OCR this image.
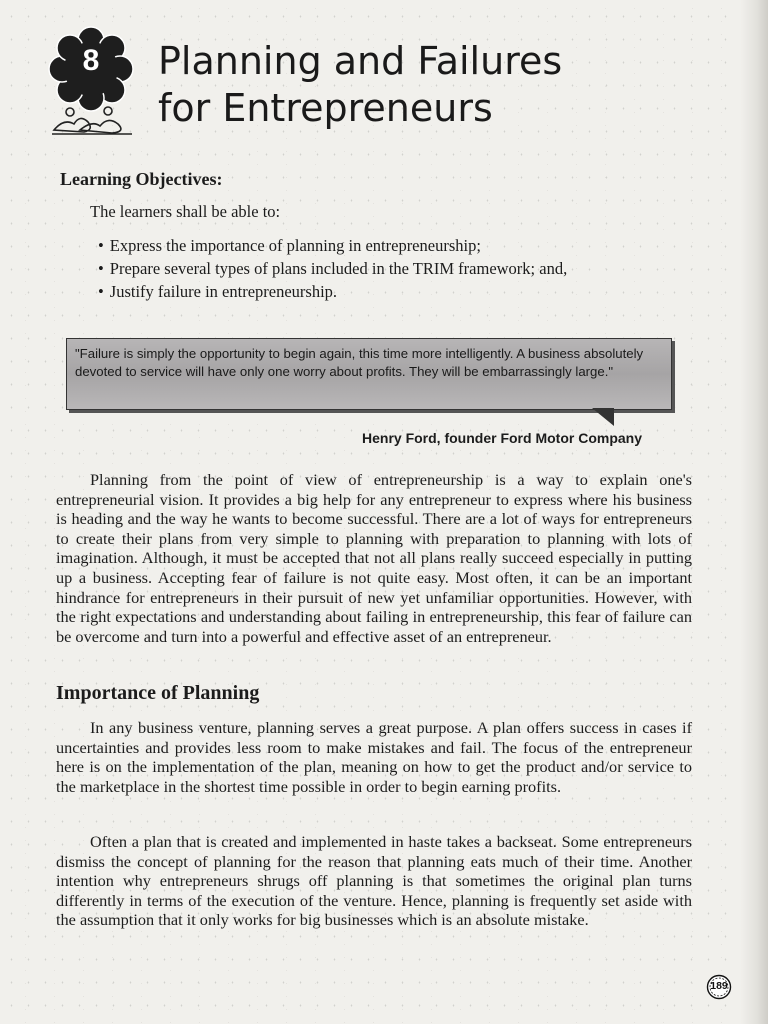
8	Planning and Failures
for Entrepreneurs
Learning Objectives:

The learners shall be able to:

• Express the importance of planning in entrepreneurship;
• Prepare several types of plans included in the TRIM framework; and,
• Justify failure in entrepreneurship.

"Failure is simply the opportunity to begin again, this time more intelligently. A business absolutely devoted to service will have only one worry about profits. They will be embarrassingly large."

Henry Ford, founder Ford Motor Company

Planning from the point of view of entrepreneurship is a way to explain one's entrepreneurial vision. It provides a big help for any entrepreneur to express where his business is heading and the way he wants to become successful. There are a lot of ways for entrepreneurs to create their plans from very simple to planning with preparation to planning with lots of imagination. Although, it must be accepted that not all plans really succeed especially in putting up a business. Accepting fear of failure is not quite easy. Most often, it can be an important hindrance for entrepreneurs in their pursuit of new yet unfamiliar opportunities. However, with the right expectations and understanding about failing in entrepreneurship, this fear of failure can be overcome and turn into a powerful and effective asset of an entrepreneur.

Importance of Planning

In any business venture, planning serves a great purpose. A plan offers success in cases if uncertainties and provides less room to make mistakes and fail. The focus of the entrepreneur here is on the implementation of the plan, meaning on how to get the product and/or service to the marketplace in the shortest time possible in order to begin earning profits.

Often a plan that is created and implemented in haste takes a backseat. Some entrepreneurs dismiss the concept of planning for the reason that planning eats much of their time. Another intention why entrepreneurs shrugs off planning is that sometimes the original plan turns differently in terms of the execution of the venture. Hence, planning is frequently set aside with the assumption that it only works for big businesses which is an absolute mistake.

189
